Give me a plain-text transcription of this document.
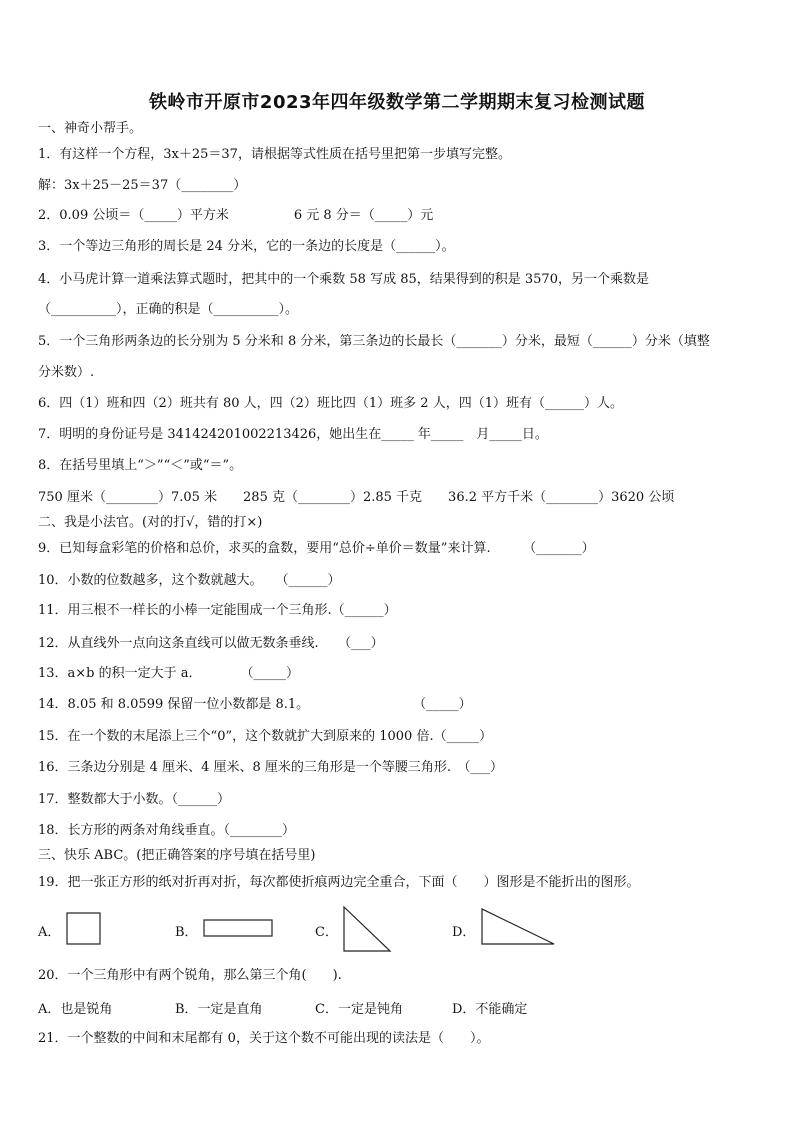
铁岭市开原市2023年四年级数学第二学期期末复习检测试题
一、神奇小帮手。
1．有这样一个方程，3x＋25＝37，请根据等式性质在括号里把第一步填写完整。
解：3x＋25－25＝37（________）
2．0.09 公顷＝（_____）平方米　　　　　6 元 8 分＝（_____）元
3．一个等边三角形的周长是 24 分米，它的一条边的长度是（______）。
4．小马虎计算一道乘法算式题时，把其中的一个乘数 58 写成 85，结果得到的积是 3570，另一个乘数是
（__________），正确的积是（__________）。
5．一个三角形两条边的长分别为 5 分米和 8 分米，第三条边的长最长（_______）分米，最短（______）分米（填整
分米数）.
6．四（1）班和四（2）班共有 80 人，四（2）班比四（1）班多 2 人，四（1）班有（______）人。
7．明明的身份证号是 341424201002213426，她出生在_____ 年_____　月_____日。
8．在括号里填上“＞”“＜”或“＝”。
750 厘米（________）7.05 米　　285 克（________）2.85 千克　　36.2 平方千米（________）3620 公顷
二、我是小法官。(对的打√，错的打×)
9．已知每盒彩笔的价格和总价，求买的盒数，要用“总价÷单价＝数量”来计算.　　　（_______）
10．小数的位数越多，这个数就越大。　　（______）
11．用三根不一样长的小棒一定能围成一个三角形.（______）
12．从直线外一点向这条直线可以做无数条垂线.　　（___）
13．a×b 的积一定大于 a．　　　　（_____）
14．8.05 和 8.0599 保留一位小数都是 8.1。　　　　　　　　　（_____）
15．在一个数的末尾添上三个“0”，这个数就扩大到原来的 1000 倍.（_____）
16．三条边分别是 4 厘米、4 厘米、8 厘米的三角形是一个等腰三角形.　（___）
17．整数都大于小数。（______）
18．长方形的两条对角线垂直。（________）
三、快乐 ABC。(把正确答案的序号填在括号里)
19．把一张正方形的纸对折再对折，每次都使折痕两边完全重合，下面（　　）图形是不能折出的图形。
A．	B．	C．	D．
20．一个三角形中有两个锐角，那么第三个角(　　).
A．也是锐角	B．一定是直角	C．一定是钝角	D．不能确定
21．一个整数的中间和末尾都有 0，关于这个数不可能出现的读法是（　　）。
